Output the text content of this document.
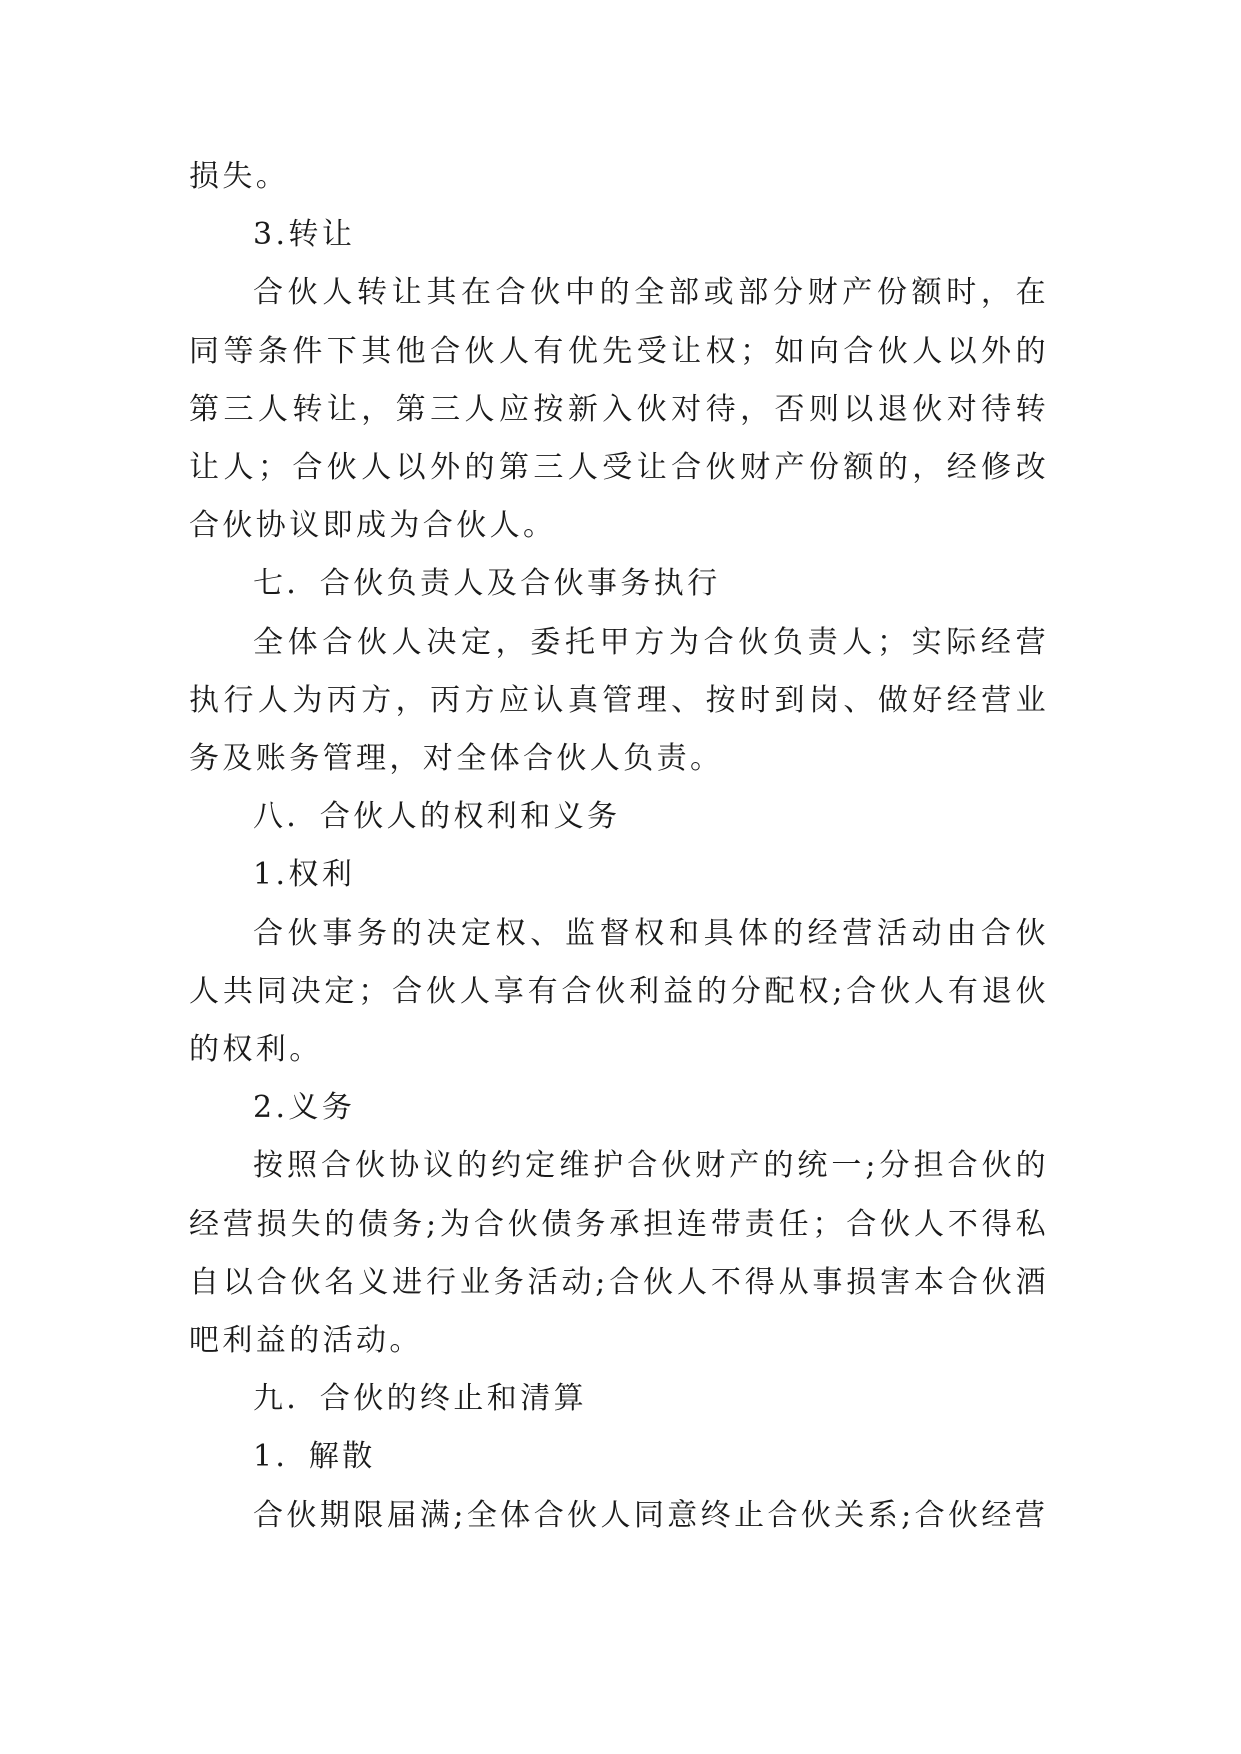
损失。

3.转让

合伙人转让其在合伙中的全部或部分财产份额时，在同等条件下其他合伙人有优先受让权；如向合伙人以外的第三人转让，第三人应按新入伙对待，否则以退伙对待转让人；合伙人以外的第三人受让合伙财产份额的，经修改合伙协议即成为合伙人。

七．合伙负责人及合伙事务执行

全体合伙人决定，委托甲方为合伙负责人；实际经营执行人为丙方，丙方应认真管理、按时到岗、做好经营业务及账务管理，对全体合伙人负责。

八．合伙人的权利和义务

1.权利

合伙事务的决定权、监督权和具体的经营活动由合伙人共同决定；合伙人享有合伙利益的分配权;合伙人有退伙的权利。

2.义务

按照合伙协议的约定维护合伙财产的统一;分担合伙的经营损失的债务;为合伙债务承担连带责任；合伙人不得私自以合伙名义进行业务活动;合伙人不得从事损害本合伙酒吧利益的活动。

九．合伙的终止和清算

1．解散

合伙期限届满;全体合伙人同意终止合伙关系;合伙经营
